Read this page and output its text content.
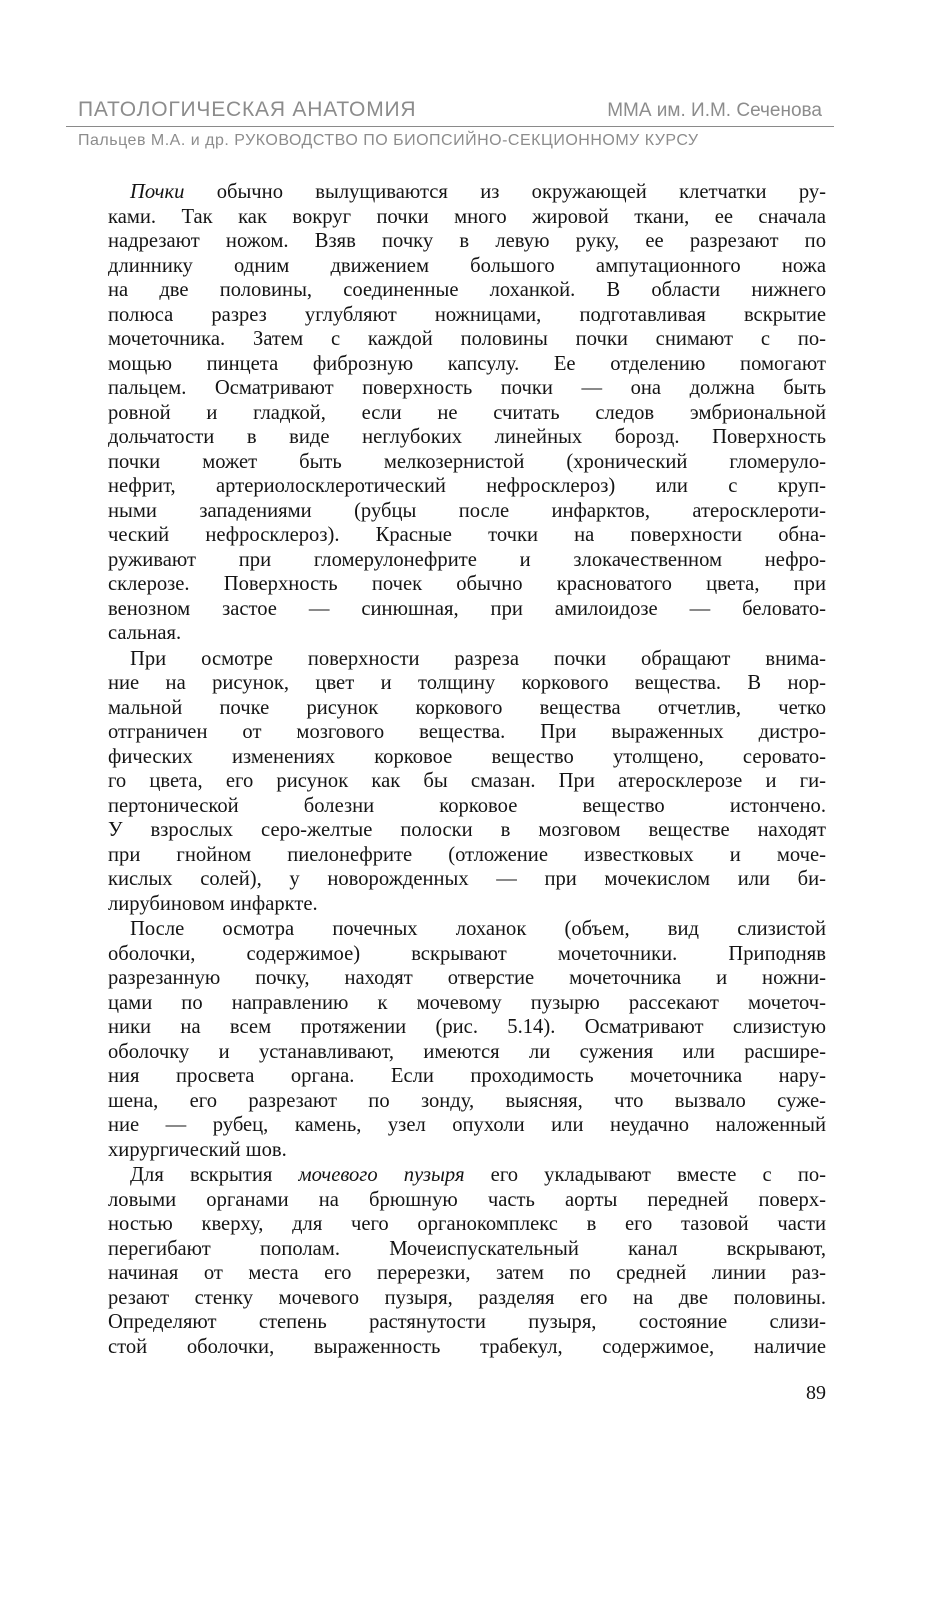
ПАТОЛОГИЧЕСКАЯ АНАТОМИЯ	ММА им. И.М. Сеченова
Пальцев М.А. и др. РУКОВОДСТВО ПО БИОПСИЙНО-СЕКЦИОННОМУ КУРСУ
Почки обычно вылущиваются из окружающей клетчатки ру-
ками. Так как вокруг почки много жировой ткани, ее сначала
надрезают ножом. Взяв почку в левую руку, ее разрезают по
длиннику одним движением большого ампутационного ножа
на две половины, соединенные лоханкой. В области нижнего
полюса разрез углубляют ножницами, подготавливая вскрытие
мочеточника. Затем с каждой половины почки снимают с по-
мощью пинцета фиброзную капсулу. Ее отделению помогают
пальцем. Осматривают поверхность почки — она должна быть
ровной и гладкой, если не считать следов эмбриональной
дольчатости в виде неглубоких линейных борозд. Поверхность
почки может быть мелкозернистой (хронический гломеруло-
нефрит, артериолосклеротический нефросклероз) или с круп-
ными западениями (рубцы после инфарктов, атеросклероти-
ческий нефросклероз). Красные точки на поверхности обна-
руживают при гломерулонефрите и злокачественном нефро-
склерозе. Поверхность почек обычно красноватого цвета, при
венозном застое — синюшная, при амилоидозе — беловато-
сальная.
При осмотре поверхности разреза почки обращают внима-
ние на рисунок, цвет и толщину коркового вещества. В нор-
мальной почке рисунок коркового вещества отчетлив, четко
отграничен от мозгового вещества. При выраженных дистро-
фических изменениях корковое вещество утолщено, серовато-
го цвета, его рисунок как бы смазан. При атеросклерозе и ги-
пертонической болезни корковое вещество истончено.
У взрослых серо-желтые полоски в мозговом веществе находят
при гнойном пиелонефрите (отложение известковых и моче-
кислых солей), у новорожденных — при мочекислом или би-
лирубиновом инфаркте.
После осмотра почечных лоханок (объем, вид слизистой
оболочки, содержимое) вскрывают мочеточники. Приподняв
разрезанную почку, находят отверстие мочеточника и ножни-
цами по направлению к мочевому пузырю рассекают мочеточ-
ники на всем протяжении (рис. 5.14). Осматривают слизистую
оболочку и устанавливают, имеются ли сужения или расшире-
ния просвета органа. Если проходимость мочеточника нару-
шена, его разрезают по зонду, выясняя, что вызвало суже-
ние — рубец, камень, узел опухоли или неудачно наложенный
хирургический шов.
Для вскрытия мочевого пузыря его укладывают вместе с по-
ловыми органами на брюшную часть аорты передней поверх-
ностью кверху, для чего органокомплекс в его тазовой части
перегибают пополам. Мочеиспускательный канал вскрывают,
начиная от места его перерезки, затем по средней линии раз-
резают стенку мочевого пузыря, разделяя его на две половины.
Определяют степень растянутости пузыря, состояние слизи-
стой оболочки, выраженность трабекул, содержимое, наличие
89
